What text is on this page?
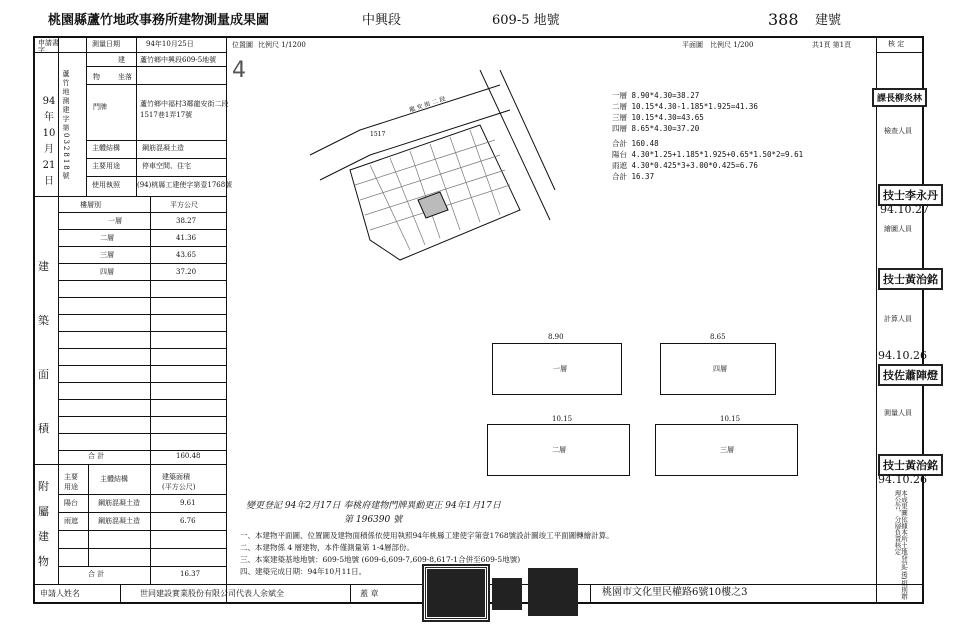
桃園縣蘆竹地政事務所建物測量成果圖	中興段	609-5 地號	388 建號
申請書
字
測量日期	94年10月25日
建
物	坐落
蘆竹鄉中興段609-5地號
94
年
10
月
21
日
蘆竹地測建字第032818號	門牌	蘆竹鄉中福村3鄰龍安街二段
1517巷1弄17號
主體結構	鋼筋混凝土造
主要用途	停車空間、住宅
使用執照 (94)桃縣工建使字第壹1768號
建
築
面
積
樓層別	平方公尺
一層	38.27
二層	41.36
三層	43.65
四層	37.20
合 計	160.48
附
屬
建
物
主要
用途
主體結構	建築面積
(平方公尺)
陽台	鋼筋混凝土造	9.61
雨遮	鋼筋混凝土造	6.76
合 計	16.37
位置圖 比例尺 1/1200
4
平面圖 比例尺 1/200	共1頁 第1頁
1517
龍 安 街 二 段
一層 8.90*4.30=38.27
二層 10.15*4.30-1.185*1.925=41.36
三層 10.15*4.30=43.65
四層 8.65*4.30=37.20
合計 160.48
陽台 4.30*1.25+1.185*1.925+0.65*1.50*2=9.61
雨遮 4.30*0.425*3+3.00*0.425=6.76
合計 16.37
一層
8.90
四層
8.65
二層
10.15
三層
10.15
變更登記 94年2月17日 奉桃府建物門牌異動更正 94年1月17日
第 196390 號
一、本建物平面圖、位置圖及建物面積係依使用執照94年桃縣工建使字第壹1768號設計圖竣工平面圖轉繪計算。
二、本建物係 4 層建物，本件僅測量第 1-4層部份。
三、本案建築基地地號：609-5地號 (609-6,609-7,609-8,617-1合併至609-5地號)
四、建築完成日期：94年10月11日。
申請人姓名	世同建設實業股份有限公司代表人余斌全	蓋 章	桃園市文化里民權路6號10樓之3
核 定
課長柳炎林
檢查人員
技士李永丹
94.10.27
繪圖人員
技士黃治銘
計算人員
94.10.26
技佐蕭陣燈
測量人員
技士黃治銘
94.10.26
本成果圖依據本所土地登記(後)規則辦理公告，分層負責核定
